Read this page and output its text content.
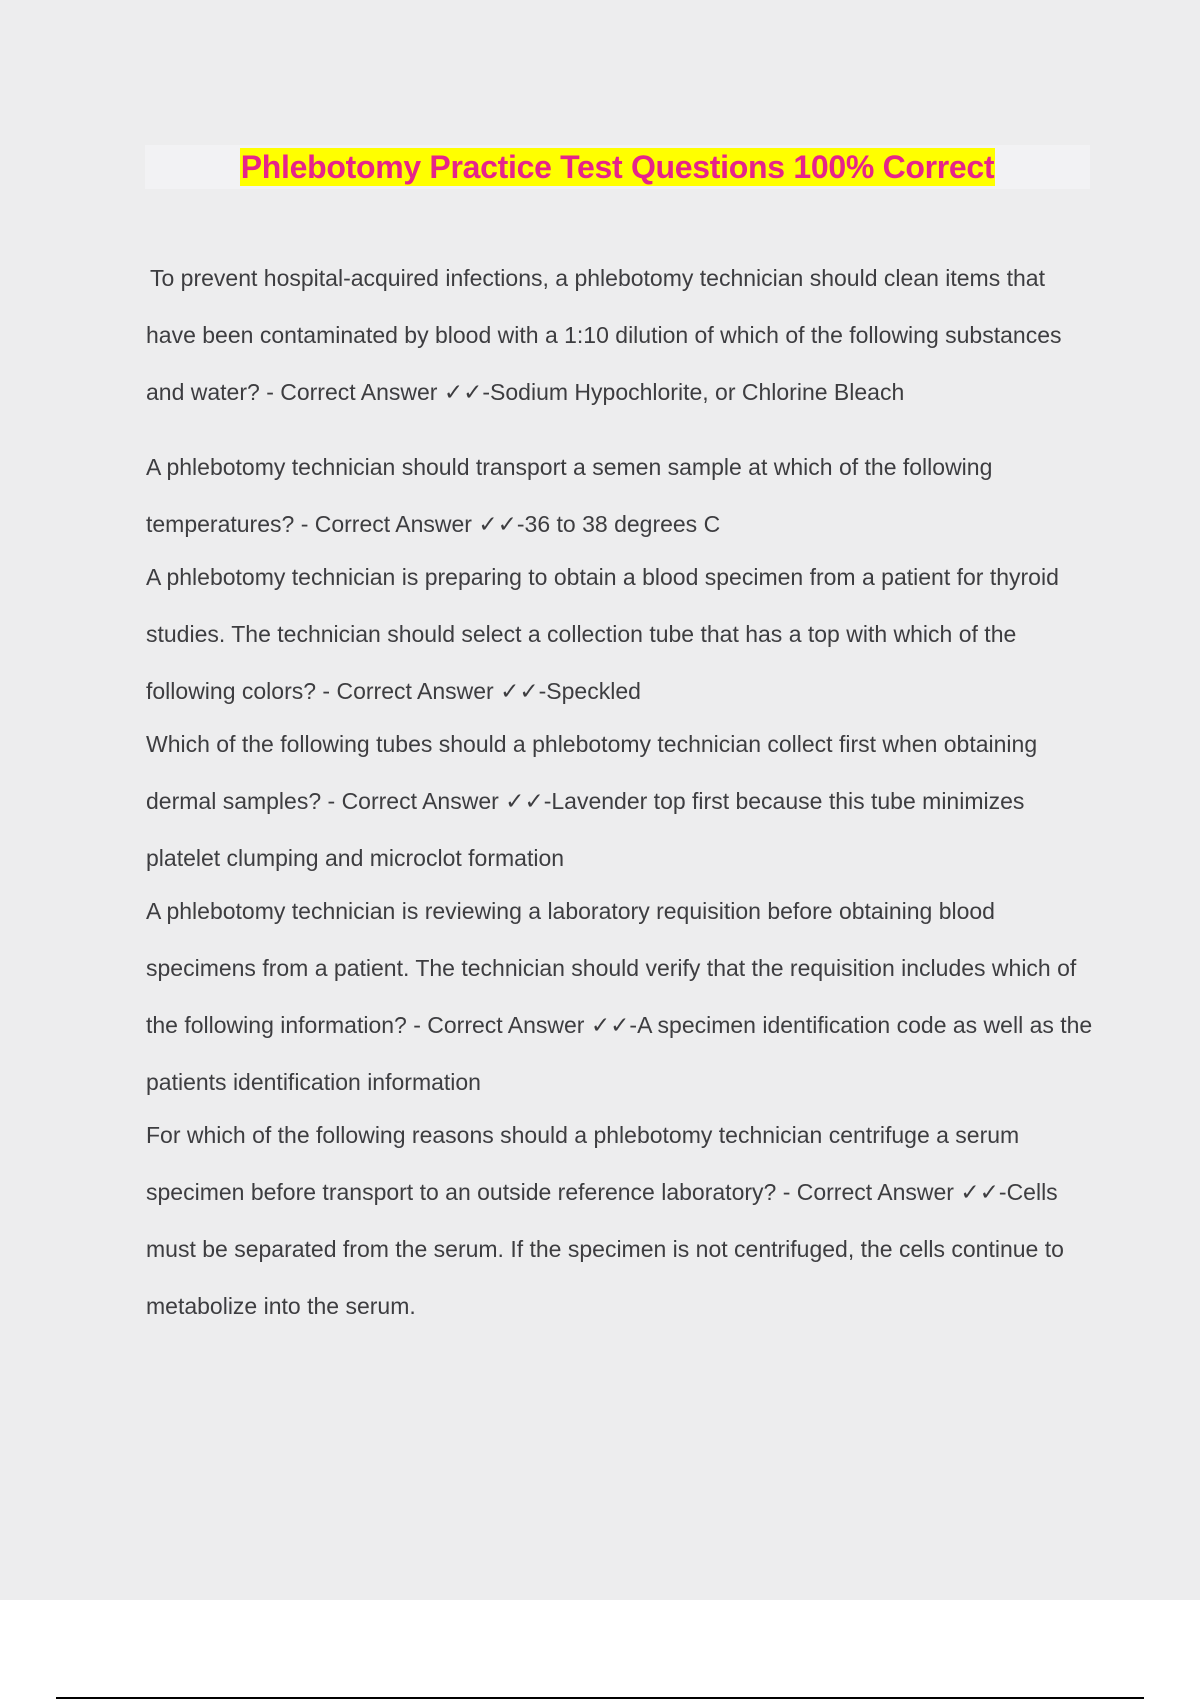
Phlebotomy Practice Test Questions 100% Correct
To prevent hospital-acquired infections, a phlebotomy technician should clean items that have been contaminated by blood with a 1:10 dilution of which of the following substances and water? - Correct Answer ✓✓-Sodium Hypochlorite, or Chlorine Bleach
A phlebotomy technician should transport a semen sample at which of the following temperatures? - Correct Answer ✓✓-36 to 38 degrees C
A phlebotomy technician is preparing to obtain a blood specimen from a patient for thyroid studies. The technician should select a collection tube that has a top with which of the following colors? - Correct Answer ✓✓-Speckled
Which of the following tubes should a phlebotomy technician collect first when obtaining dermal samples? - Correct Answer ✓✓-Lavender top first because this tube minimizes platelet clumping and microclot formation
A phlebotomy technician is reviewing a laboratory requisition before obtaining blood specimens from a patient. The technician should verify that the requisition includes which of the following information? - Correct Answer ✓✓-A specimen identification code as well as the patients identification information
For which of the following reasons should a phlebotomy technician centrifuge a serum specimen before transport to an outside reference laboratory? - Correct Answer ✓✓-Cells must be separated from the serum. If the specimen is not centrifuged, the cells continue to metabolize into the serum.
